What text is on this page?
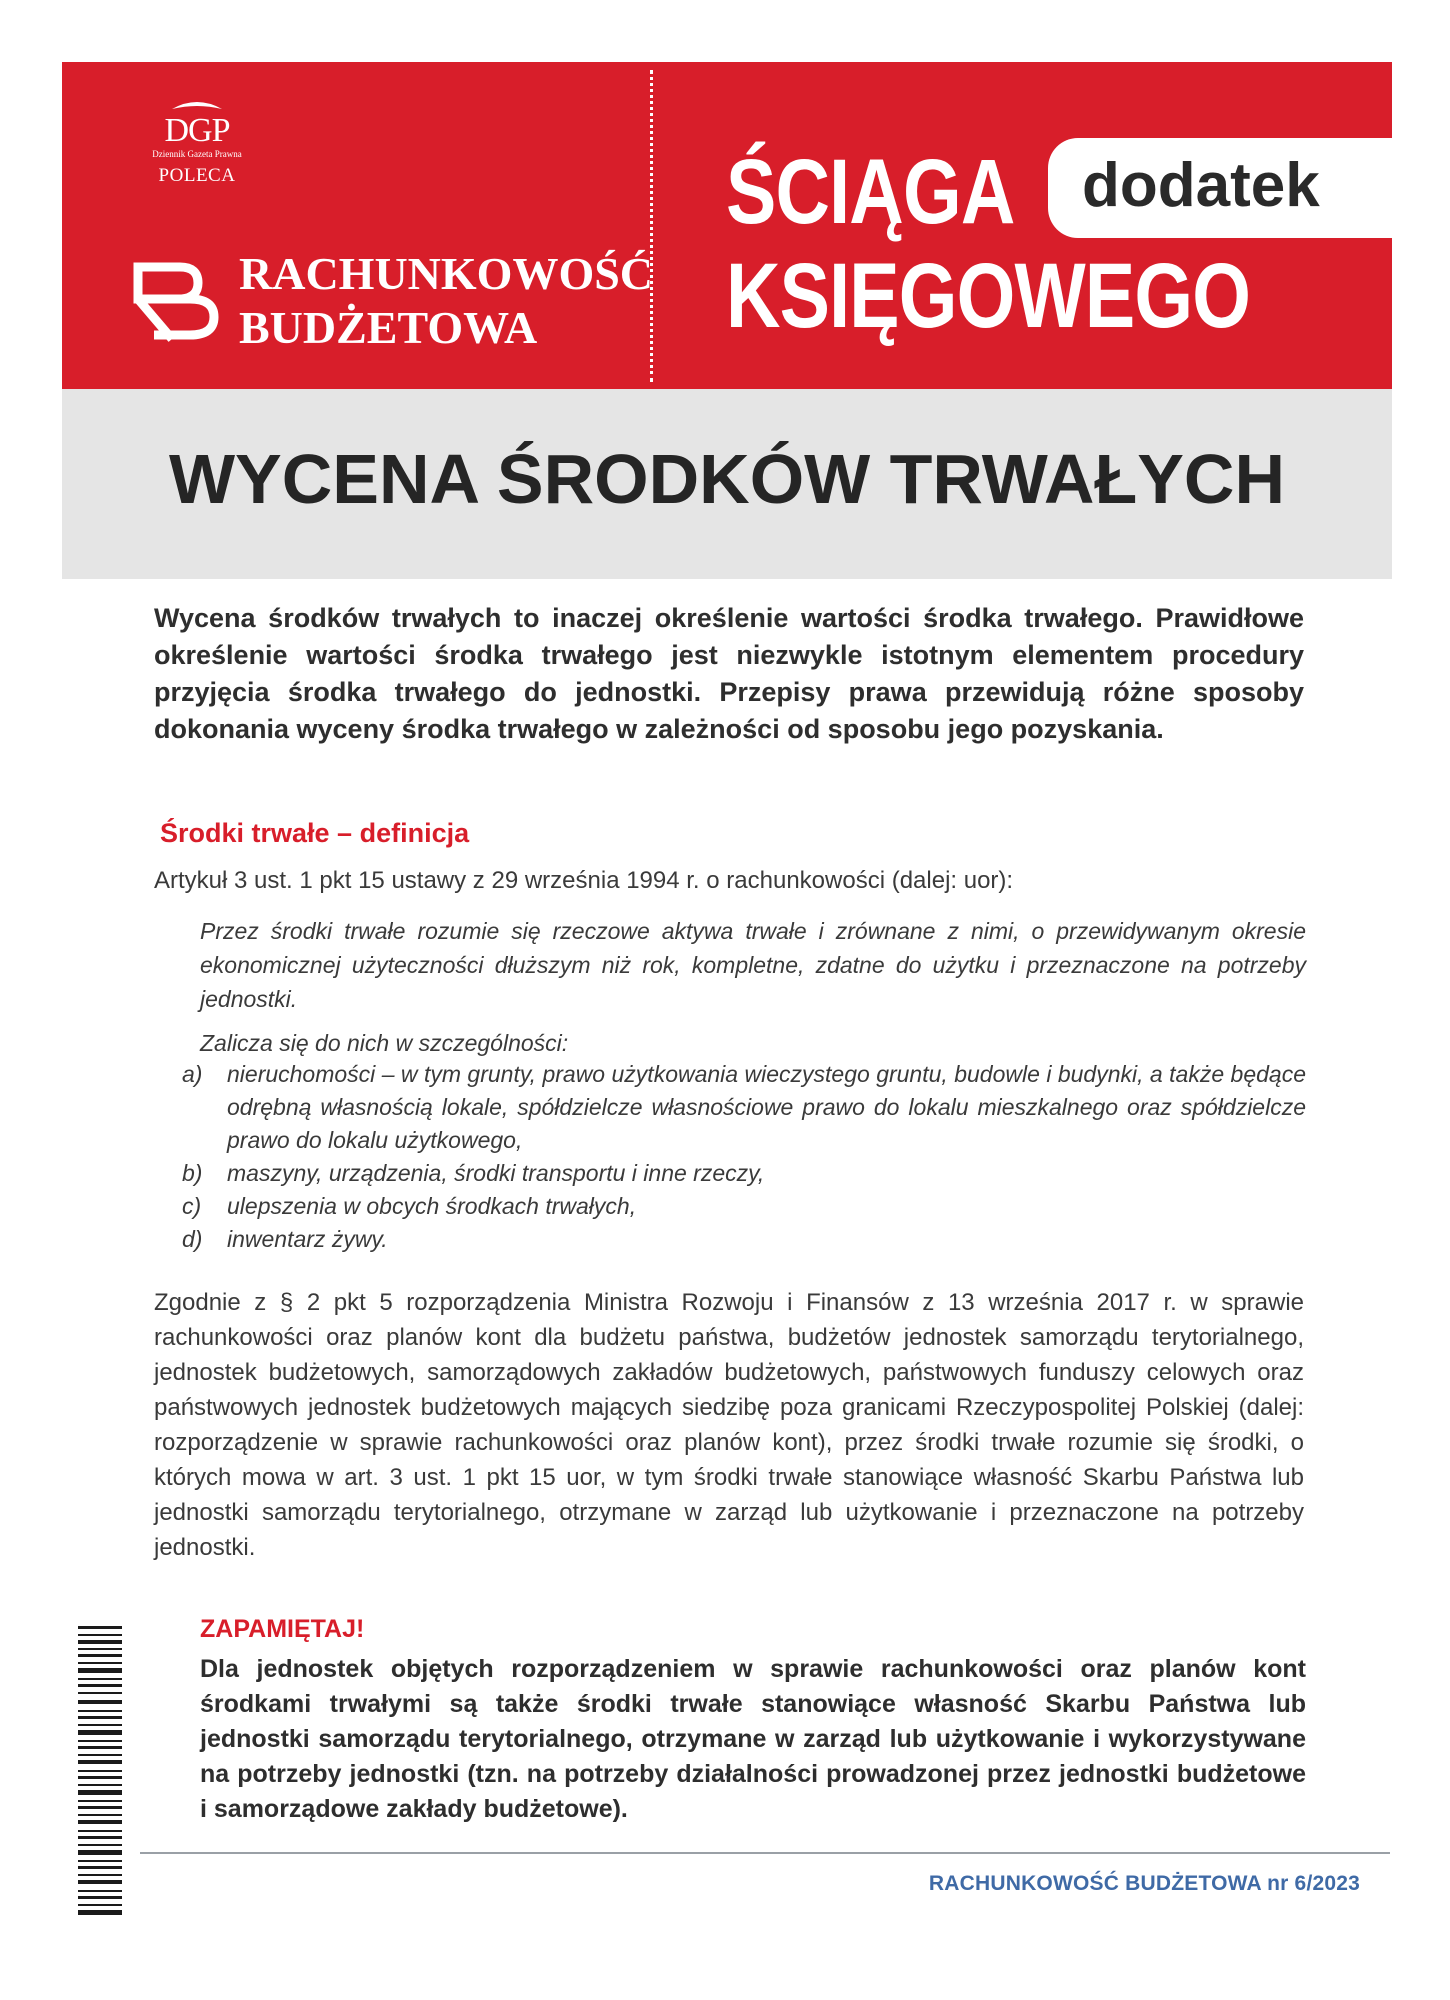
DGP
Dziennik Gazeta Prawna
POLECA
RACHUNKOWOŚĆ
BUDŻETOWA
dodatek
ŚCIĄGA
KSIĘGOWEGO
WYCENA ŚRODKÓW TRWAŁYCH
Wycena środków trwałych to inaczej określenie wartości środka trwałego. Prawidłowe określenie wartości środka trwałego jest niezwykle istotnym elementem procedury przyjęcia środka trwałego do jednostki. Przepisy prawa przewidują różne sposoby dokonania wyceny środka trwałego w zależności od sposobu jego pozyskania.
Środki trwałe – definicja
Artykuł 3 ust. 1 pkt 15 ustawy z 29 września 1994 r. o rachunkowości (dalej: uor):

Przez środki trwałe rozumie się rzeczowe aktywa trwałe i zrównane z nimi, o przewidywanym okresie ekonomicznej użyteczności dłuższym niż rok, kompletne, zdatne do użytku i przeznaczone na potrzeby jednostki.

Zalicza się do nich w szczególności:

a)	nieruchomości – w tym grunty, prawo użytkowania wieczystego gruntu, budowle i budynki, a także będące odrębną własnością lokale, spółdzielcze własnościowe prawo do lokalu mieszkalnego oraz spółdzielcze prawo do lokalu użytkowego,
b)	maszyny, urządzenia, środki transportu i inne rzeczy,
c)	ulepszenia w obcych środkach trwałych,
d)	inwentarz żywy.
Zgodnie z § 2 pkt 5 rozporządzenia Ministra Rozwoju i Finansów z 13 września 2017 r. w sprawie rachunkowości oraz planów kont dla budżetu państwa, budżetów jednostek samorządu terytorialnego, jednostek budżetowych, samorządowych zakładów budżetowych, państwowych funduszy celowych oraz państwowych jednostek budżetowych mających siedzibę poza granicami Rzeczypospolitej Polskiej (dalej: rozporządzenie w sprawie rachunkowości oraz planów kont), przez środki trwałe rozumie się środki, o których mowa w art. 3 ust. 1 pkt 15 uor, w tym środki trwałe stanowiące własność Skarbu Państwa lub jednostki samorządu terytorialnego, otrzymane w zarząd lub użytkowanie i przeznaczone na potrzeby jednostki.
ZAPAMIĘTAJ!
Dla jednostek objętych rozporządzeniem w sprawie rachunkowości oraz planów kont środkami trwałymi są także środki trwałe stanowiące własność Skarbu Państwa lub jednostki samorządu terytorialnego, otrzymane w zarząd lub użytkowanie i wykorzystywane na potrzeby jednostki (tzn. na potrzeby działalności prowadzonej przez jednostki budżetowe i samorządowe zakłady budżetowe).
RACHUNKOWOŚĆ BUDŻETOWA nr 6/2023
